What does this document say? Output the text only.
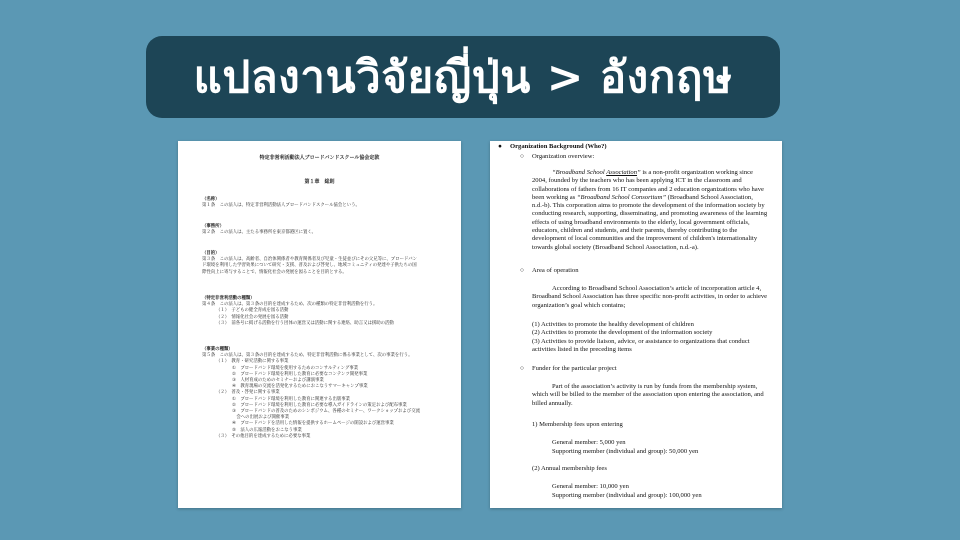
แปลงานวิจัยญี่ปุ่น > อังกฤษ
特定非営利活動法人ブロードバンドスクール協会定款
第１章　総則
（名称）
第１条　この法人は、特定非営利活動法人ブロードバンドスクール協会という。
（事務所）
第２条　この法人は、主たる事務所を東京都港区に置く。
（目的）
第３条　この法人は、高齢者、自治体関係者や教育関係者及び児童・生徒並びにその父兄等に、ブロードバン
ド環境を利用した学習効果について研究・支援、普及および啓発し、地域コミュニティの発達や子供たちの国
際性向上に寄与することで、情報化社会の発展を図ることを目的とする。
（特定非営利活動の種類）
第４条　この法人は、第３条の目的を達成するため、次の種類の特定非営利活動を行う。
（１）　子どもの健全育成を図る活動
（２）　情報化社会の発展を図る活動
（３）　前各号に掲げる活動を行う団体の運営又は活動に関する連絡、助言又は援助の活動
（事業の種類）
第５条　この法人は、第３条の目的を達成するため、特定非営利活動に係る事業として、次の事業を行う。
（１）　教育・研究活動に関する事業
①　ブロードバンド環境を使用するためのコンサルティング事業
②　ブロードバンド環境を利用した教育に必要なコンテンツ開発事業
③　人材育成のためのセミナーおよび講演事業
④　教育現場の交流を活発化するためにおこなうサマーキャンプ事業
（２）　普及・啓発に関する事業
①　ブロードバンド環境を利用した教育に関連する出版事業
②　ブロードバンド環境を利用した教育に必要な導入ガイドラインの策定および配布事業
③　ブロードバンドの普及のためのシンポジウム、各種のセミナー、ワークショップおよび交流
　会への出展および開催事業
④　ブロードバンドを活用した情報を提供するホームページの開設および運営事業
⑤　法人の広報活動をおこなう事業
（３）　その他目的を達成するために必要な事業
● Organization Background (Who?)
○ Organization overview:
“Broadband School Association” is a non-profit organization working since
2004, founded by the teachers who has been applying ICT in the classroom and
collaborations of fathers from 16 IT companies and 2 education organizations who have
been working as “Broadband School Consortium” (Broadband School Association,
n.d.-b). This corporation aims to promote the development of the information society by
conducting research, supporting, disseminating, and promoting awareness of the learning
effects of using broadband environments to the elderly, local government officials,
educators, children and students, and their parents, thereby contributing to the
development of local communities and the improvement of children's internationality
towards global society (Broadband School Association, n.d.-a).
○ Area of operation
According to Broadband School Association’s article of incorporation article 4,
Broadband School Association has three specific non-profit activities, in order to achieve
organization’s goal which contains;
(1) Activities to promote the healthy development of children
(2) Activities to promote the development of the information society
(3) Activities to provide liaison, advice, or assistance to organizations that conduct
activities listed in the preceding items
○ Funder for the particular project
Part of the association’s activity is run by funds from the membership system,
which will be billed to the member of the association upon entering the association, and
billed annually.
1) Membership fees upon entering
General member: 5,000 yen
Supporting member (individual and group): 50,000 yen
(2) Annual membership fees
General member: 10,000 yen
Supporting member (individual and group): 100,000 yen
